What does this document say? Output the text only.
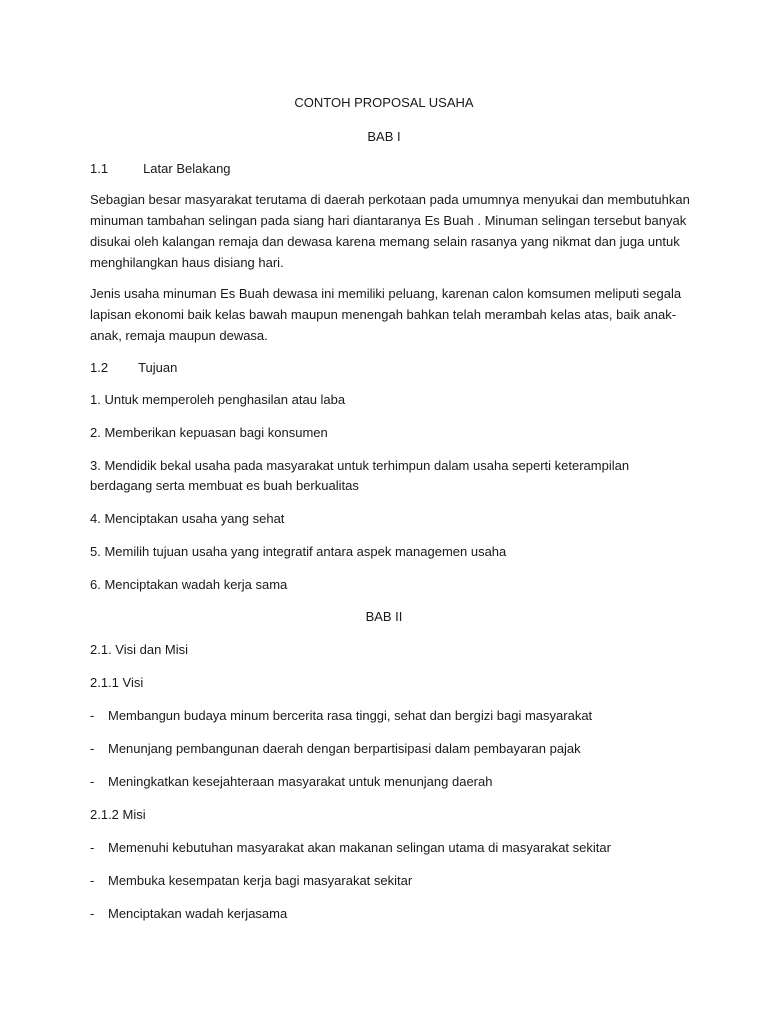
CONTOH PROPOSAL USAHA
BAB I
1.1	Latar Belakang
Sebagian besar masyarakat terutama di daerah perkotaan pada umumnya menyukai dan membutuhkan
minuman tambahan selingan pada siang hari diantaranya Es Buah . Minuman selingan tersebut banyak
disukai oleh kalangan remaja dan dewasa karena memang selain rasanya yang nikmat dan juga untuk
menghilangkan haus disiang hari.
Jenis usaha minuman Es Buah dewasa ini memiliki peluang, karenan calon komsumen meliputi segala
lapisan ekonomi baik kelas bawah maupun menengah bahkan telah merambah kelas atas, baik anak-
anak, remaja maupun dewasa.
1.2 Tujuan
1. Untuk memperoleh penghasilan atau laba
2. Memberikan kepuasan bagi konsumen
3. Mendidik bekal usaha pada masyarakat untuk terhimpun dalam usaha seperti keterampilan
berdagang serta membuat es buah berkualitas
4. Menciptakan usaha yang sehat
5. Memilih tujuan usaha yang integratif antara aspek managemen usaha
6. Menciptakan wadah kerja sama
BAB II
2.1. Visi dan Misi
2.1.1 Visi
- Membangun budaya minum bercerita rasa tinggi, sehat dan bergizi bagi masyarakat
- Menunjang pembangunan daerah dengan berpartisipasi dalam pembayaran pajak
- Meningkatkan kesejahteraan masyarakat untuk menunjang daerah
2.1.2 Misi
- Memenuhi kebutuhan masyarakat akan makanan selingan utama di masyarakat sekitar
- Membuka kesempatan kerja bagi masyarakat sekitar
- Menciptakan wadah kerjasama
